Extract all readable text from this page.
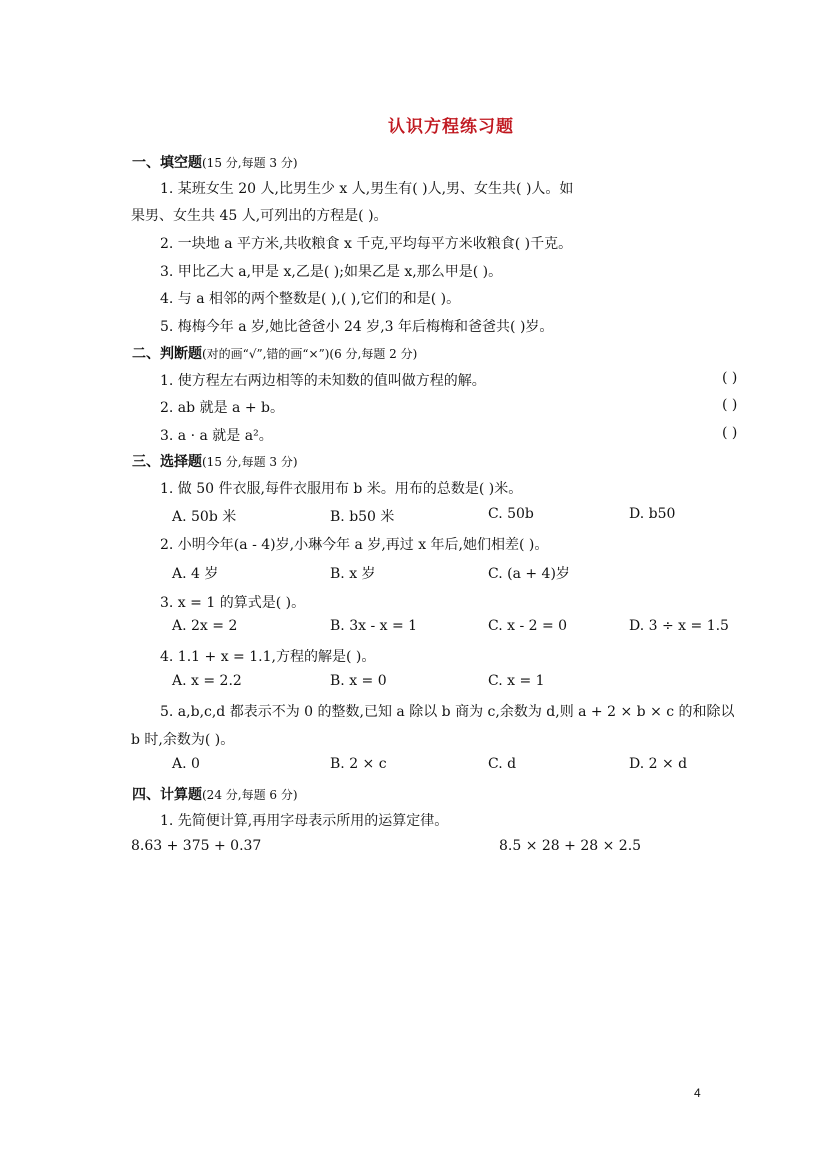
认识方程练习题
一、填空题(15 分,每题 3 分)
1. 某班女生 20 人,比男生少 x 人,男生有( )人,男、女生共( )人。如
果男、女生共 45 人,可列出的方程是( )。
2. 一块地 a 平方米,共收粮食 x 千克,平均每平方米收粮食( )千克。
3. 甲比乙大 a,甲是 x,乙是( );如果乙是 x,那么甲是( )。
4. 与 a 相邻的两个整数是( ),( ),它们的和是( )。
5. 梅梅今年 a 岁,她比爸爸小 24 岁,3 年后梅梅和爸爸共( )岁。
二、判断题(对的画“√”,错的画“×”)(6 分,每题 2 分)
1. 使方程左右两边相等的未知数的值叫做方程的解。	( )
2. ab 就是 a + b。	( )
3. a · a 就是 a²。	( )
三、选择题(15 分,每题 3 分)
1. 做 50 件衣服,每件衣服用布 b 米。用布的总数是( )米。
A. 50b 米	B. b50 米	C. 50b	D. b50
2. 小明今年(a - 4)岁,小琳今年 a 岁,再过 x 年后,她们相差( )。
A. 4 岁	B. x 岁	C. (a + 4)岁
3. x = 1 的算式是( )。
A. 2x = 2	B. 3x - x = 1	C. x - 2 = 0	D. 3 ÷ x = 1.5
4. 1.1 + x = 1.1,方程的解是( )。
A. x = 2.2	B. x = 0	C. x = 1
5. a,b,c,d 都表示不为 0 的整数,已知 a 除以 b 商为 c,余数为 d,则 a + 2 × b × c 的和除以
b 时,余数为( )。
A. 0	B. 2 × c	C. d	D. 2 × d
四、计算题(24 分,每题 6 分)
1. 先简便计算,再用字母表示所用的运算定律。
8.63 + 375 + 0.37	8.5 × 28 + 28 × 2.5
4
